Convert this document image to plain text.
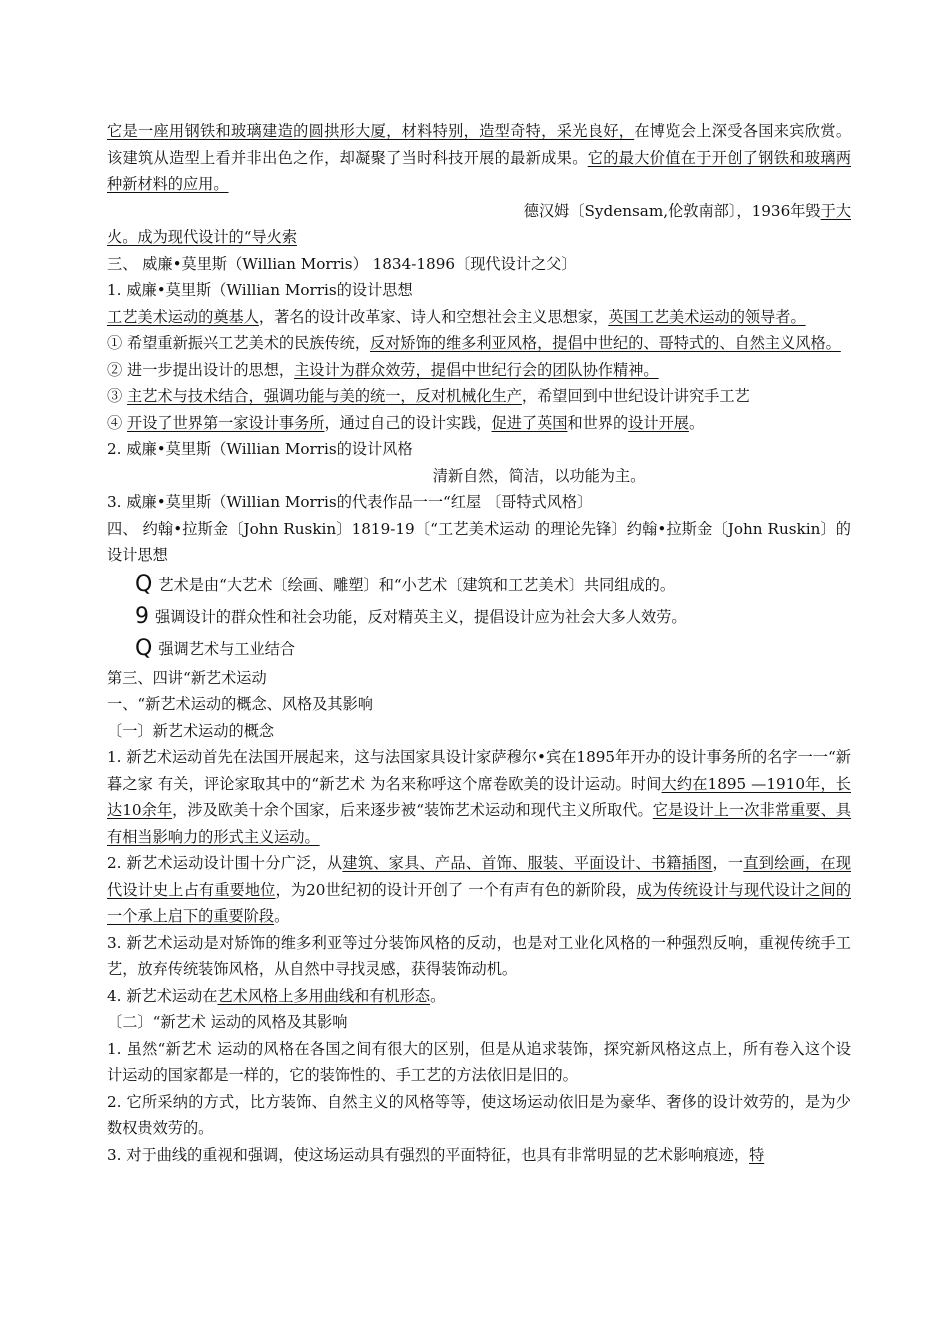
它是一座用钢铁和玻璃建造的圆拱形大厦，材料特别，造型奇特，采光良好，在博览会上深受各国来宾欣赏。该建筑从造型上看并非出色之作，却凝聚了当时科技开展的最新成果。它的最大价值在于开创了钢铁和玻璃两种新材料的应用。

德汉姆〔Sydensam,伦敦南部〕，1936年毁于大

火。成为现代设计的“导火索

三、 威廉•莫里斯（Willian Morris） 1834-1896〔现代设计之父〕

1. 威廉•莫里斯（Willian Morris的设计思想

工艺美术运动的奠基人，著名的设计改革家、诗人和空想社会主义思想家，英国工艺美术运动的领导者。

① 希望重新振兴工艺美术的民族传统，反对矫饰的维多利亚风格，提倡中世纪的、哥特式的、自然主义风格。

② 进一步提出设计的思想，主设计为群众效劳，提倡中世纪行会的团队协作精神。

③ 主艺术与技术结合，强调功能与美的统一，反对机械化生产，希望回到中世纪设计讲究手工艺

④ 开设了世界第一家设计事务所，通过自己的设计实践，促进了英国和世界的设计开展。

2. 威廉•莫里斯（Willian Morris的设计风格

清新自然，简洁，以功能为主。

3. 威廉•莫里斯（Willian Morris的代表作品一一“红屋 〔哥特式风格〕

四、 约翰•拉斯金〔John Ruskin〕1819-19〔“工艺美术运动 的理论先锋〕约翰•拉斯金〔John Ruskin〕的设计思想

Q 艺术是由“大艺术〔绘画、雕塑〕和“小艺术〔建筑和工艺美术〕共同组成的。

9 强调设计的群众性和社会功能，反对精英主义，提倡设计应为社会大多人效劳。

Q 强调艺术与工业结合

第三、四讲“新艺术运动

一、“新艺术运动的概念、风格及其影响

〔一〕新艺术运动的概念

1. 新艺术运动首先在法国开展起来，这与法国家具设计家萨穆尔•宾在1895年开办的设计事务所的名字一一“新暮之家 有关，评论家取其中的“新艺术 为名来称呼这个席卷欧美的设计运动。时间大约在1895 —1910年，长达10余年，涉及欧美十余个国家，后来逐步被“装饰艺术运动和现代主义所取代。它是设计上一次非常重要、具有相当影响力的形式主义运动。

2. 新艺术运动设计围十分广泛，从建筑、家具、产品、首饰、服装、平面设计、书籍插图，一直到绘画，在现代设计史上占有重要地位，为20世纪初的设计开创了 一个有声有色的新阶段，成为传统设计与现代设计之间的一个承上启下的重要阶段。

3. 新艺术运动是对矫饰的维多利亚等过分装饰风格的反动，也是对工业化风格的一种强烈反响，重视传统手工艺，放弃传统装饰风格，从自然中寻找灵感，获得装饰动机。

4. 新艺术运动在艺术风格上多用曲线和有机形态。

〔二〕“新艺术 运动的风格及其影响

1. 虽然“新艺术 运动的风格在各国之间有很大的区别，但是从追求装饰，探究新风格这点上，所有卷入这个设计运动的国家都是一样的，它的装饰性的、手工艺的方法依旧是旧的。

2. 它所采纳的方式，比方装饰、自然主义的风格等等，使这场运动依旧是为豪华、奢侈的设计效劳的，是为少数权贵效劳的。

3. 对于曲线的重视和强调，使这场运动具有强烈的平面特征，也具有非常明显的艺术影响痕迹，特
